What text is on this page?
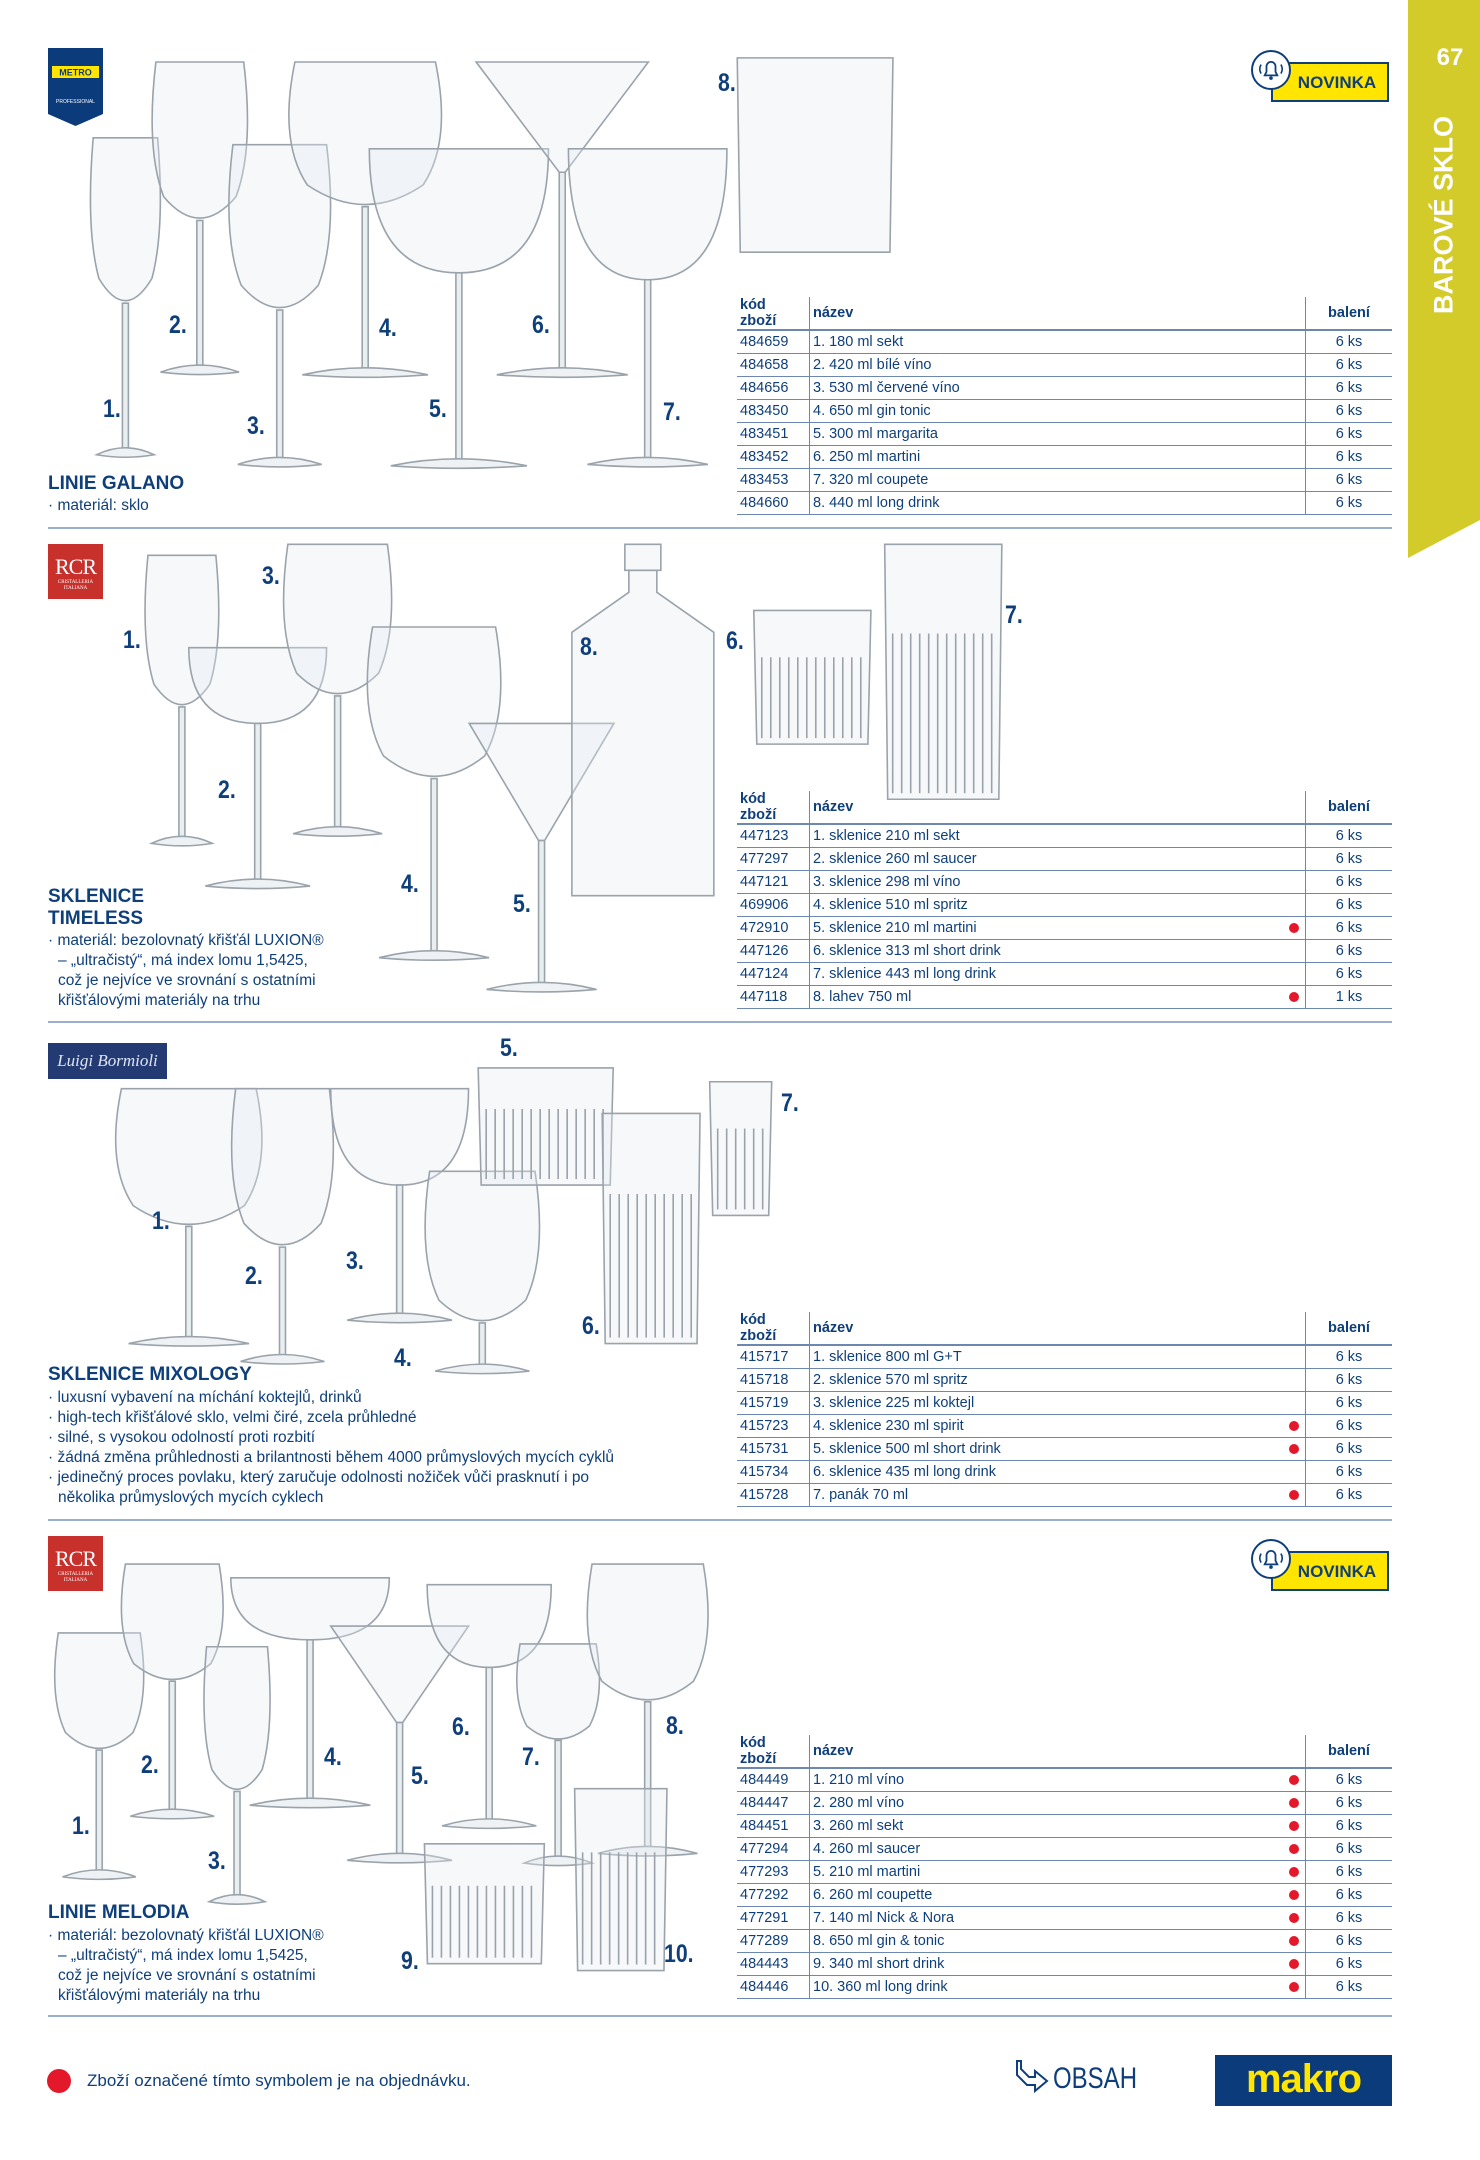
67
BAROVÉ SKLO
METRO
PROFESSIONAL
RCR
CRISTALLERIA
ITALIANA
Luigi Bormioli
RCR
CRISTALLERIA
ITALIANA
NOVINKA
NOVINKA
LINIE GALANO
· materiál: sklo
SKLENICE TIMELESS
· materiál: bezolovnatý křišťál LUXION® – „ultračistý“, má index lomu 1,5425, což je nejvíce ve srovnání s ostatními křišťálovými materiály na trhu
SKLENICE MIXOLOGY
· luxusní vybavení na míchání koktejlů, drinků
· high-tech křišťálové sklo, velmi čiré, zcela průhledné
· silné, s vysokou odolností proti rozbití
· žádná změna průhlednosti a brilantnosti během 4000 průmyslových mycích cyklů
· jedinečný proces povlaku, který zaručuje odolnosti nožiček vůči prasknutí i po několika průmyslových mycích cyklech
LINIE MELODIA
· materiál: bezolovnatý křišťál LUXION® – „ultračistý“, má index lomu 1,5425, což je nejvíce ve srovnání s ostatními křišťálovými materiály na trhu
kód zboží	název	balení
484659	1. 180 ml sekt	6 ks
484658	2. 420 ml bílé víno	6 ks
484656	3. 530 ml červené víno	6 ks
483450	4. 650 ml gin tonic	6 ks
483451	5. 300 ml margarita	6 ks
483452	6. 250 ml martini	6 ks
483453	7. 320 ml coupete	6 ks
484660	8. 440 ml long drink	6 ks
kód zboží	název	balení
447123	1. sklenice 210 ml sekt	6 ks
477297	2. sklenice 260 ml saucer	6 ks
447121	3. sklenice 298 ml víno	6 ks
469906	4. sklenice 510 ml spritz	6 ks
472910	5. sklenice 210 ml martini	6 ks
447126	6. sklenice 313 ml short drink	6 ks
447124	7. sklenice 443 ml long drink	6 ks
447118	8. lahev 750 ml	1 ks
kód zboží	název	balení
415717	1. sklenice 800 ml G+T	6 ks
415718	2. sklenice 570 ml spritz	6 ks
415719	3. sklenice 225 ml koktejl	6 ks
415723	4. sklenice 230 ml spirit	6 ks
415731	5. sklenice 500 ml short drink	6 ks
415734	6. sklenice 435 ml long drink	6 ks
415728	7. panák 70 ml	6 ks
kód zboží	název	balení
484449	1. 210 ml víno	6 ks
484447	2. 280 ml víno	6 ks
484451	3. 260 ml sekt	6 ks
477294	4. 260 ml saucer	6 ks
477293	5. 210 ml martini	6 ks
477292	6. 260 ml coupette	6 ks
477291	7. 140 ml Nick & Nora	6 ks
477289	8. 650 ml gin & tonic	6 ks
484443	9. 340 ml short drink	6 ks
484446	10. 360 ml long drink	6 ks
1.
2.
3.
4.
5.
6.
7.
8.
1.
2.
3.
4.
5.
6.
7.
8.
1.
2.
3.
4.
5.
6.
7.
1.
2.
3.
4.
5.
6.
7.
8.
9.	10.
Zboží označené tímto symbolem je na objednávku.	OBSAH	makro
